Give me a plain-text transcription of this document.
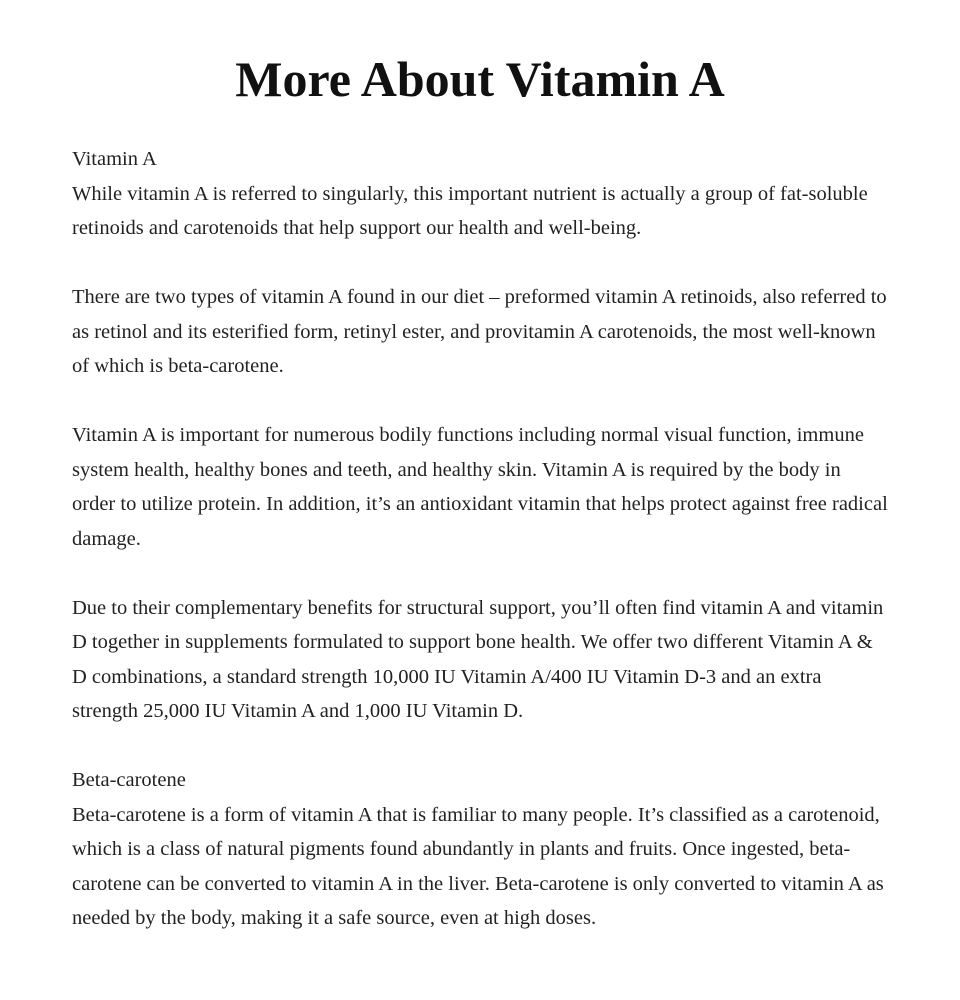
More About Vitamin A

Vitamin A
While vitamin A is referred to singularly, this important nutrient is actually a group of fat-soluble retinoids and carotenoids that help support our health and well-being.

There are two types of vitamin A found in our diet – preformed vitamin A retinoids, also referred to as retinol and its esterified form, retinyl ester, and provitamin A carotenoids, the most well-known of which is beta-carotene.

Vitamin A is important for numerous bodily functions including normal visual function, immune system health, healthy bones and teeth, and healthy skin. Vitamin A is required by the body in order to utilize protein. In addition, it’s an antioxidant vitamin that helps protect against free radical damage.

Due to their complementary benefits for structural support, you’ll often find vitamin A and vitamin D together in supplements formulated to support bone health. We offer two different Vitamin A & D combinations, a standard strength 10,000 IU Vitamin A/400 IU Vitamin D-3 and an extra strength 25,000 IU Vitamin A and 1,000 IU Vitamin D.

Beta-carotene
Beta-carotene is a form of vitamin A that is familiar to many people. It’s classified as a carotenoid, which is a class of natural pigments found abundantly in plants and fruits. Once ingested, beta-carotene can be converted to vitamin A in the liver. Beta-carotene is only converted to vitamin A as needed by the body, making it a safe source, even at high doses.
